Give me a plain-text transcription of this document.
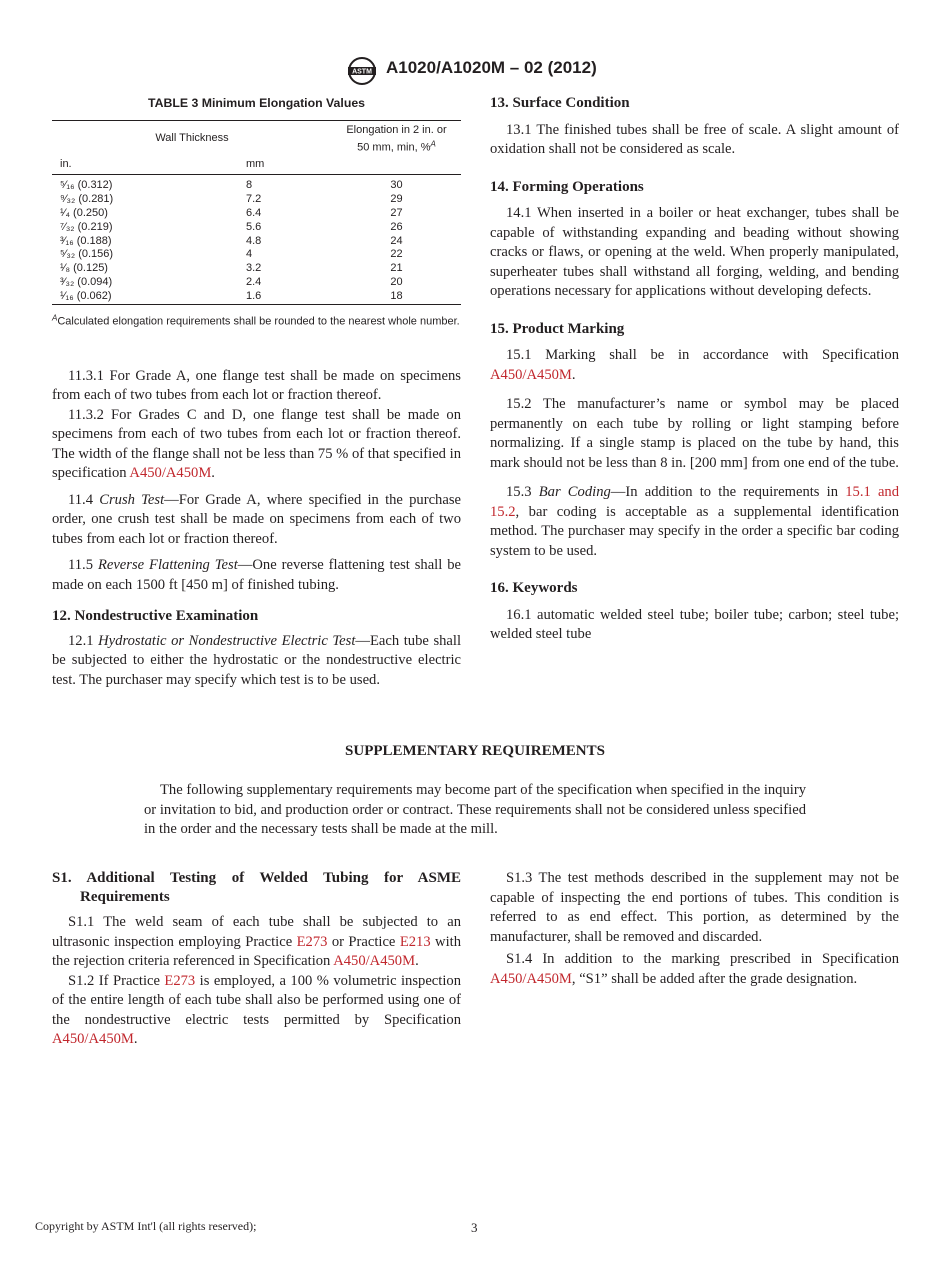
ASTM A1020/A1020M – 02 (2012)
TABLE 3 Minimum Elongation Values
Wall Thickness		Elongation in 2 in. or
50 mm, min, %$^A$
in.	mm	
⁵⁄₁₆ (0.312)	8	30
⁹⁄₃₂ (0.281)	7.2	29
¹⁄₄ (0.250)	6.4	27
⁷⁄₃₂ (0.219)	5.6	26
³⁄₁₆ (0.188)	4.8	24
⁵⁄₃₂ (0.156)	4	22
¹⁄₈ (0.125)	3.2	21
³⁄₃₂ (0.094)	2.4	20
¹⁄₁₆ (0.062)	1.6	18
$^A$Calculated elongation requirements shall be rounded to the nearest whole number.

11.3.1 For Grade A, one flange test shall be made on specimens from each of two tubes from each lot or fraction thereof.

11.3.2 For Grades C and D, one flange test shall be made on specimens from each of two tubes from each lot or fraction thereof. The width of the flange shall not be less than 75 % of that specified in specification A450/A450M.

11.4 Crush Test—For Grade A, where specified in the purchase order, one crush test shall be made on specimens from each of two tubes from each lot or fraction thereof.

11.5 Reverse Flattening Test—One reverse flattening test shall be made on each 1500 ft [450 m] of finished tubing.

12. Nondestructive Examination

12.1 Hydrostatic or Nondestructive Electric Test—Each tube shall be subjected to either the hydrostatic or the nondestructive electric test. The purchaser may specify which test is to be used.

13. Surface Condition

13.1 The finished tubes shall be free of scale. A slight amount of oxidation shall not be considered as scale.

14. Forming Operations

14.1 When inserted in a boiler or heat exchanger, tubes shall be capable of withstanding expanding and beading without showing cracks or flaws, or opening at the weld. When properly manipulated, superheater tubes shall withstand all forging, welding, and bending operations necessary for applications without developing defects.

15. Product Marking

15.1 Marking shall be in accordance with Specification A450/A450M.

15.2 The manufacturer’s name or symbol may be placed permanently on each tube by rolling or light stamping before normalizing. If a single stamp is placed on the tube by hand, this mark should not be less than 8 in. [200 mm] from one end of the tube.

15.3 Bar Coding—In addition to the requirements in 15.1 and 15.2, bar coding is acceptable as a supplemental identification method. The purchaser may specify in the order a specific bar coding system to be used.

16. Keywords

16.1 automatic welded steel tube; boiler tube; carbon; steel tube; welded steel tube

SUPPLEMENTARY REQUIREMENTS
The following supplementary requirements may become part of the specification when specified in the inquiry or invitation to bid, and production order or contract. These requirements shall not be considered unless specified in the order and the necessary tests shall be made at the mill.
S1. Additional Testing of Welded Tubing for ASME Requirements

S1.1 The weld seam of each tube shall be subjected to an ultrasonic inspection employing Practice E273 or Practice E213 with the rejection criteria referenced in Specification A450/A450M.

S1.2 If Practice E273 is employed, a 100 % volumetric inspection of the entire length of each tube shall also be performed using one of the nondestructive electric tests permitted by Specification A450/A450M.

S1.3 The test methods described in the supplement may not be capable of inspecting the end portions of tubes. This condition is referred to as end effect. This portion, as determined by the manufacturer, shall be removed and discarded.

S1.4 In addition to the marking prescribed in Specification A450/A450M, “S1” shall be added after the grade designation.

Copyright by ASTM Int'l (all rights reserved);	3
